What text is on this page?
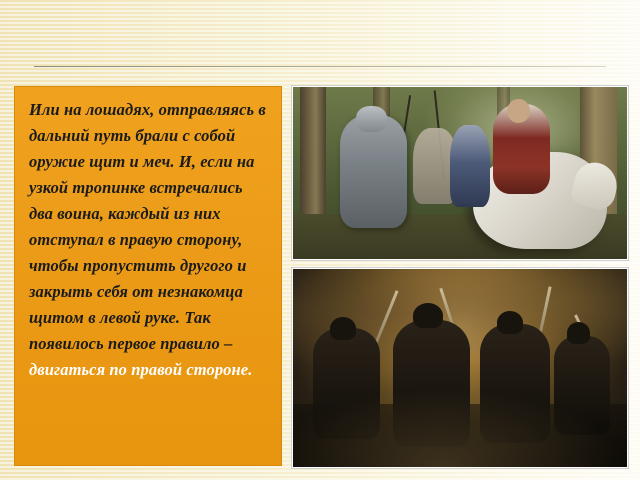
Или на лошадях, отправляясь в дальний путь брали с собой оружие щит и меч. И, если на узкой тропинке встречались два воина, каждый из них отступал в правую сторону, чтобы пропустить другого и закрыть себя от незнакомца щитом в левой руке. Так появилось первое правило – двигаться по правой стороне.
